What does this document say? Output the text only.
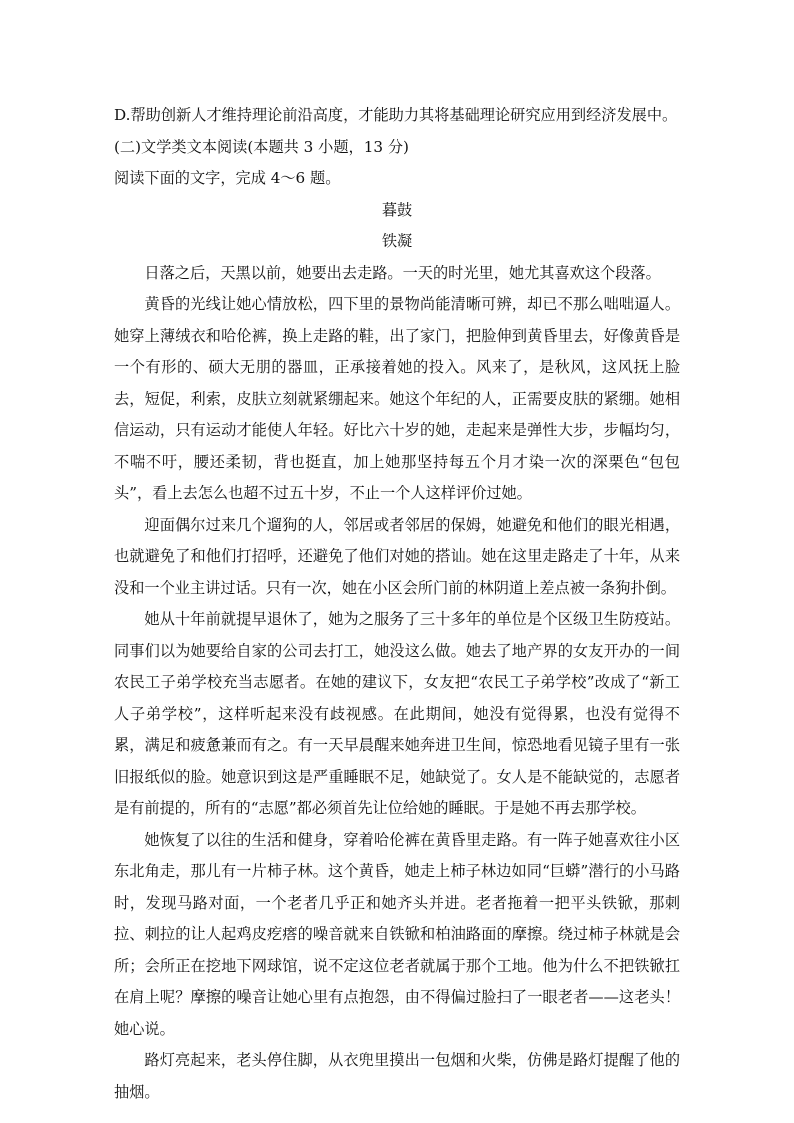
D.帮助创新人才维持理论前沿高度，才能助力其将基础理论研究应用到经济发展中。

(二)文学类文本阅读(本题共 3 小题，13 分)

阅读下面的文字，完成 4～6 题。

暮鼓

铁凝

日落之后，天黑以前，她要出去走路。一天的时光里，她尤其喜欢这个段落。

黄昏的光线让她心情放松，四下里的景物尚能清晰可辨，却已不那么咄咄逼人。她穿上薄绒衣和哈伦裤，换上走路的鞋，出了家门，把脸伸到黄昏里去，好像黄昏是一个有形的、硕大无朋的器皿，正承接着她的投入。风来了，是秋风，这风抚上脸去，短促，利索，皮肤立刻就紧绷起来。她这个年纪的人，正需要皮肤的紧绷。她相信运动，只有运动才能使人年轻。好比六十岁的她，走起来是弹性大步，步幅均匀，不喘不吁，腰还柔韧，背也挺直，加上她那坚持每五个月才染一次的深栗色“包包头”，看上去怎么也超不过五十岁，不止一个人这样评价过她。

迎面偶尔过来几个遛狗的人，邻居或者邻居的保姆，她避免和他们的眼光相遇，也就避免了和他们打招呼，还避免了他们对她的搭讪。她在这里走路走了十年，从来没和一个业主讲过话。只有一次，她在小区会所门前的林阴道上差点被一条狗扑倒。

她从十年前就提早退休了，她为之服务了三十多年的单位是个区级卫生防疫站。同事们以为她要给自家的公司去打工，她没这么做。她去了地产界的女友开办的一间农民工子弟学校充当志愿者。在她的建议下，女友把“农民工子弟学校”改成了“新工人子弟学校”，这样听起来没有歧视感。在此期间，她没有觉得累，也没有觉得不累，满足和疲惫兼而有之。有一天早晨醒来她奔进卫生间，惊恐地看见镜子里有一张旧报纸似的脸。她意识到这是严重睡眠不足，她缺觉了。女人是不能缺觉的，志愿者是有前提的，所有的“志愿”都必须首先让位给她的睡眠。于是她不再去那学校。

她恢复了以往的生活和健身，穿着哈伦裤在黄昏里走路。有一阵子她喜欢往小区东北角走，那儿有一片柿子林。这个黄昏，她走上柿子林边如同“巨蟒”潜行的小马路时，发现马路对面，一个老者几乎正和她齐头并进。老者拖着一把平头铁锨，那刺拉、刺拉的让人起鸡皮疙瘩的噪音就来自铁锨和柏油路面的摩擦。绕过柿子林就是会所；会所正在挖地下网球馆，说不定这位老者就属于那个工地。他为什么不把铁锨扛在肩上呢？摩擦的噪音让她心里有点抱怨，由不得偏过脸扫了一眼老者——这老头！她心说。

路灯亮起来，老头停住脚，从衣兜里摸出一包烟和火柴，仿佛是路灯提醒了他的抽烟。
